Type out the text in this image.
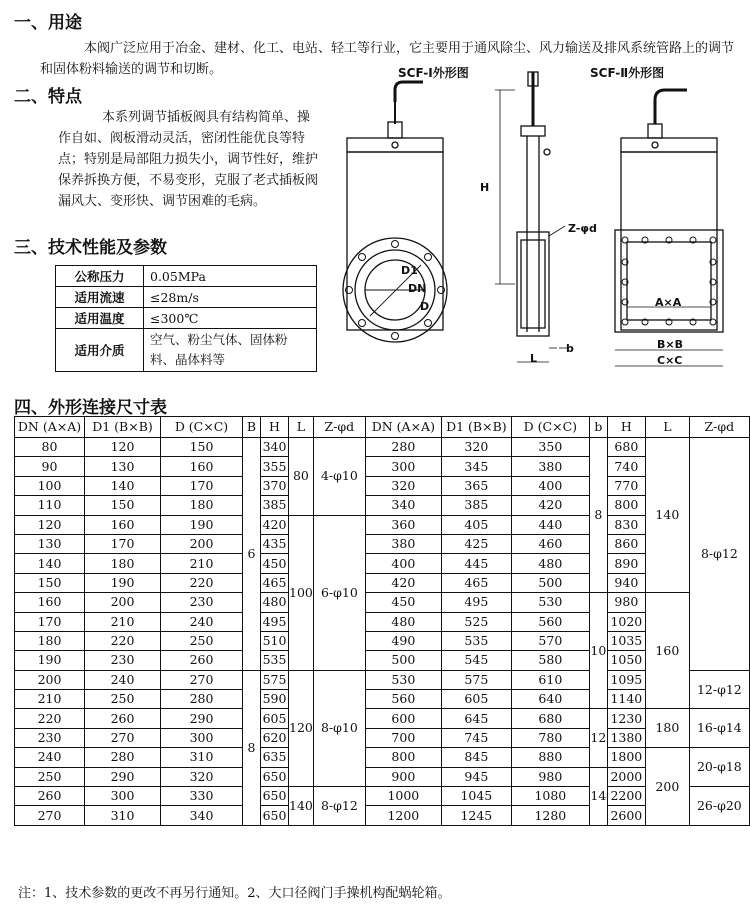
一、用途
本阀广泛应用于冶金、建材、化工、电站、轻工等行业，它主要用于通风除尘、风力输送及排风系统管路上的调节和固体粉料输送的调节和切断。
二、特点
本系列调节插板阀具有结构简单、操作自如、阀板滑动灵活，密闭性能优良等特点；特别是局部阻力损失小，调节性好，维护保养拆换方便，不易变形，克服了老式插板阀漏风大、变形快、调节困难的毛病。
三、技术性能及参数
公称压力	0.05MPa
适用流速	≤28m/s
适用温度	≤300℃
适用介质	空气、粉尘气体、固体粉料、晶体料等
SCF-Ⅰ外形图	SCF-Ⅱ外形图
H
D1
DN
D
Z-φd
b
L
A×A
B×B
C×C
四、外形连接尺寸表
DN (A×A)	D1 (B×B)	D (C×C)	B	H	L	Z-φd	DN (A×A)	D1 (B×B)	D (C×C)	b	H	L	Z-φd
80	120	150	6	340	80	4-φ10	280	320	350	8	680	140	8-φ12
90	130	160		355			300	345	380		740		
100	140	170		370			320	365	400		770		
110	150	180		385			340	385	420		800		
120	160	190		420	100	6-φ10	360	405	440		830		
130	170	200		435			380	425	460		860		
140	180	210		450			400	445	480		890		
150	190	220		465			420	465	500		940		
160	200	230		480			450	495	530	10	980	160	
170	210	240		495			480	525	560		1020		
180	220	250		510			490	535	570		1035		
190	230	260		535			500	545	580		1050		
200	240	270	8	575	120	8-φ10	530	575	610		1095		12-φ12
210	250	280		590			560	605	640		1140		
220	260	290		605			600	645	680	12	1230	180	16-φ14
230	270	300		620			700	745	780		1380		
240	280	310		635			800	845	880		1800	200	20-φ18
250	290	320		650			900	945	980	14	2000		
260	300	330		650	140	8-φ12	1000	1045	1080		2200		26-φ20
270	310	340		650			1200	1245	1280		2600		
注：1、技术参数的更改不再另行通知。2、大口径阀门手操机构配蜗轮箱。
